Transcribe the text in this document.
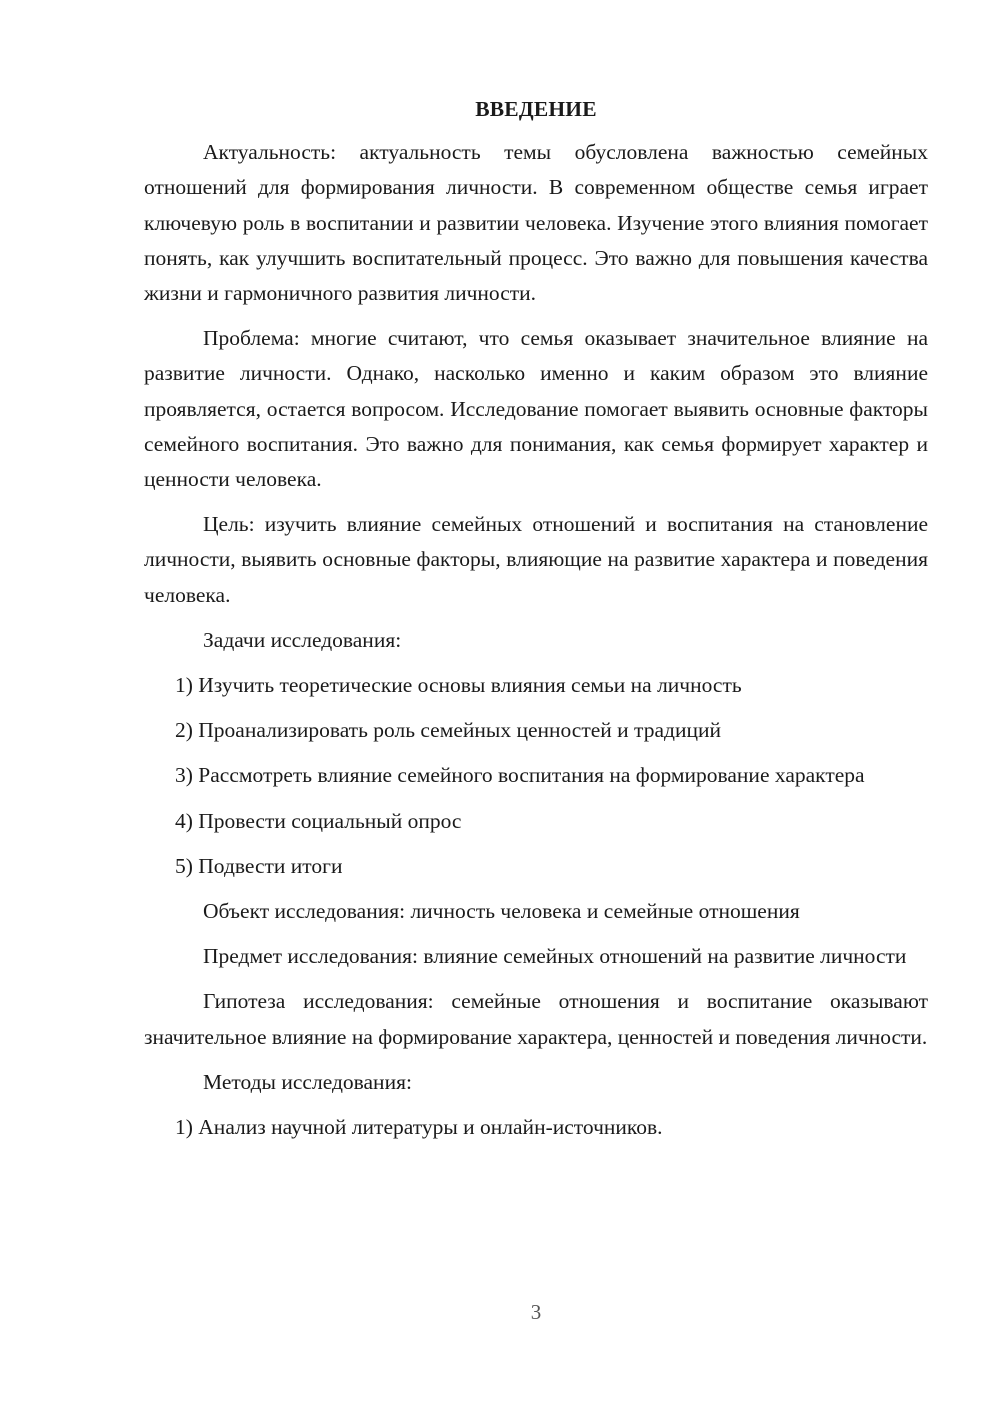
ВВЕДЕНИЕ

Актуальность: актуальность темы обусловлена важностью семейных отношений для формирования личности. В современном обществе семья играет ключевую роль в воспитании и развитии человека. Изучение этого влияния помогает понять, как улучшить воспитательный процесс. Это важно для повышения качества жизни и гармоничного развития личности.

Проблема: многие считают, что семья оказывает значительное влияние на развитие личности. Однако, насколько именно и каким образом это влияние проявляется, остается вопросом. Исследование помогает выявить основные факторы семейного воспитания. Это важно для понимания, как семья формирует характер и ценности человека.

Цель: изучить влияние семейных отношений и воспитания на становление личности, выявить основные факторы, влияющие на развитие характера и поведения человека.

Задачи исследования:

1) Изучить теоретические основы влияния семьи на личность

2) Проанализировать роль семейных ценностей и традиций

3) Рассмотреть влияние семейного воспитания на формирование характера

4) Провести социальный опрос

5) Подвести итоги

Объект исследования: личность человека и семейные отношения

Предмет исследования: влияние семейных отношений на развитие личности

Гипотеза исследования: семейные отношения и воспитание оказывают значительное влияние на формирование характера, ценностей и поведения личности.

Методы исследования:

1) Анализ научной литературы и онлайн-источников.

3
